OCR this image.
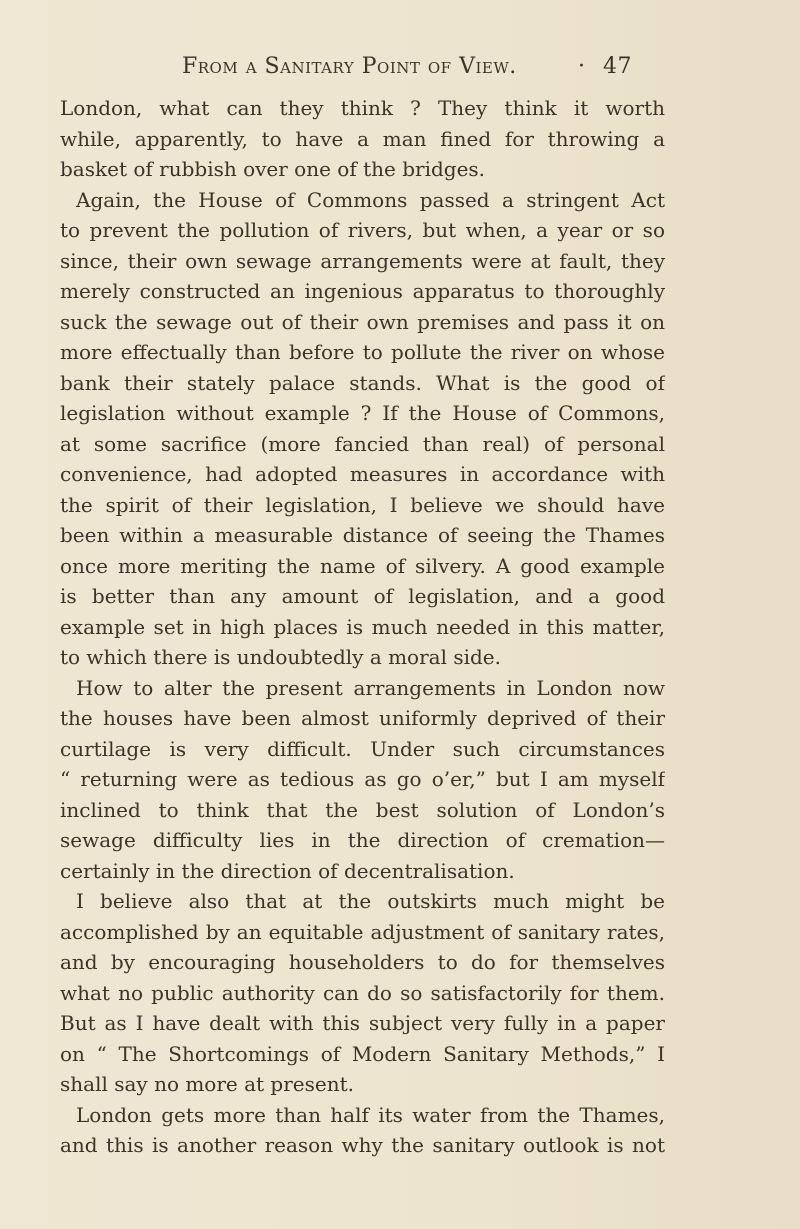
From a Sanitary Point of View.	· 47
London, what can they think ? They think it worth
while, apparently, to have a man fined for throwing a
basket of rubbish over one of the bridges.
Again, the House of Commons passed a stringent Act
to prevent the pollution of rivers, but when, a year or so
since, their own sewage arrangements were at fault, they
merely constructed an ingenious apparatus to thoroughly
suck the sewage out of their own premises and pass it on
more effectually than before to pollute the river on whose
bank their stately palace stands. What is the good of
legislation without example ? If the House of Commons,
at some sacrifice (more fancied than real) of personal
convenience, had adopted measures in accordance with
the spirit of their legislation, I believe we should have
been within a measurable distance of seeing the Thames
once more meriting the name of silvery. A good example
is better than any amount of legislation, and a good
example set in high places is much needed in this matter,
to which there is undoubtedly a moral side.
How to alter the present arrangements in London now
the houses have been almost uniformly deprived of their
curtilage is very difficult. Under such circumstances
“ returning were as tedious as go o’er,” but I am myself
inclined to think that the best solution of London’s
sewage difficulty lies in the direction of cremation—
certainly in the direction of decentralisation.
I believe also that at the outskirts much might be
accomplished by an equitable adjustment of sanitary rates,
and by encouraging householders to do for themselves
what no public authority can do so satisfactorily for them.
But as I have dealt with this subject very fully in a paper
on “ The Shortcomings of Modern Sanitary Methods,” I
shall say no more at present.
London gets more than half its water from the Thames,
and this is another reason why the sanitary outlook is not
